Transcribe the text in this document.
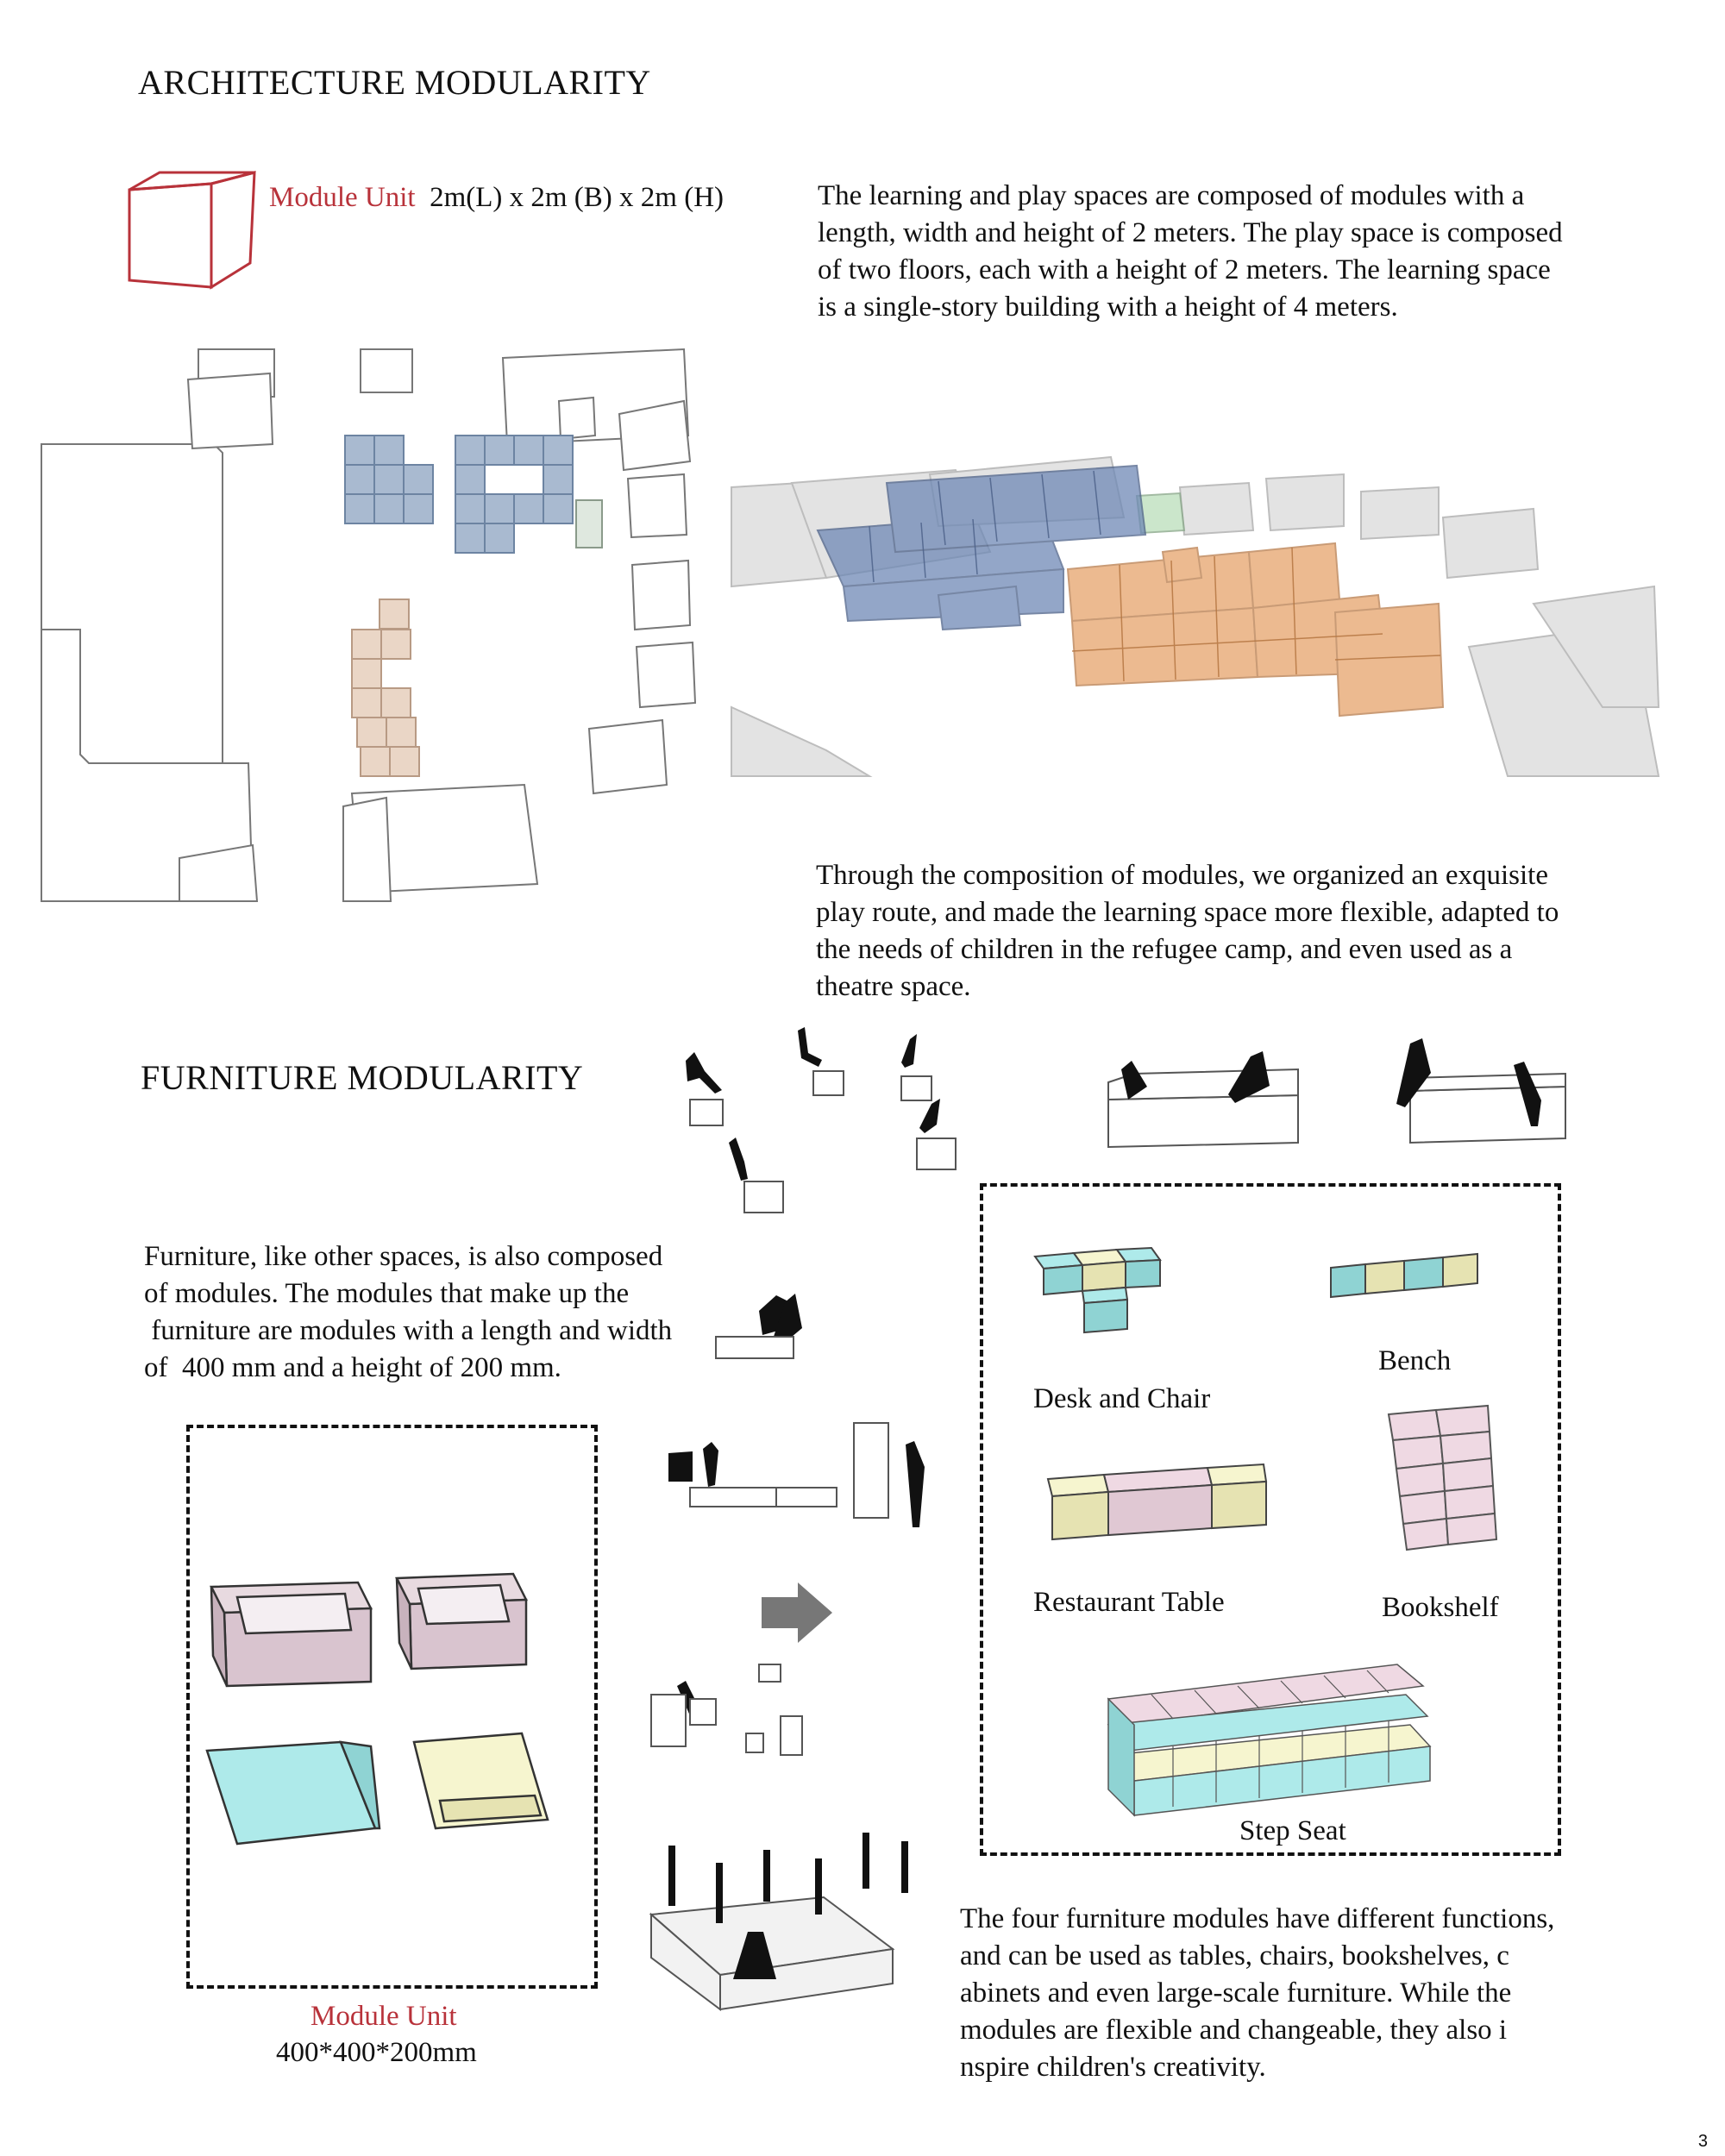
ARCHITECTURE MODULARITY
Module Unit 2m(L) x 2m (B) x 2m (H)	The learning and play spaces are composed of modules with a
length, width and height of 2 meters. The play space is composed
of two floors, each with a height of 2 meters. The learning space
is a single-story building with a height of 4 meters.
Through the composition of modules, we organized an exquisite
play route, and made the learning space more flexible, adapted to
the needs of children in the refugee camp, and even used as a
theatre space.
FURNITURE MODULARITY
Furniture, like other spaces, is also composed
of modules. The modules that make up the
furniture are modules with a length and width
of  400 mm and a height of 200 mm.
Module Unit
400*400*200mm
Desk and Chair
Bench
Restaurant Table	Bookshelf
Step Seat
The four furniture modules have different functions,
and can be used as tables, chairs, bookshelves, c
abinets and even large-scale furniture. While the
modules are flexible and changeable, they also i
nspire children's creativity.
3
